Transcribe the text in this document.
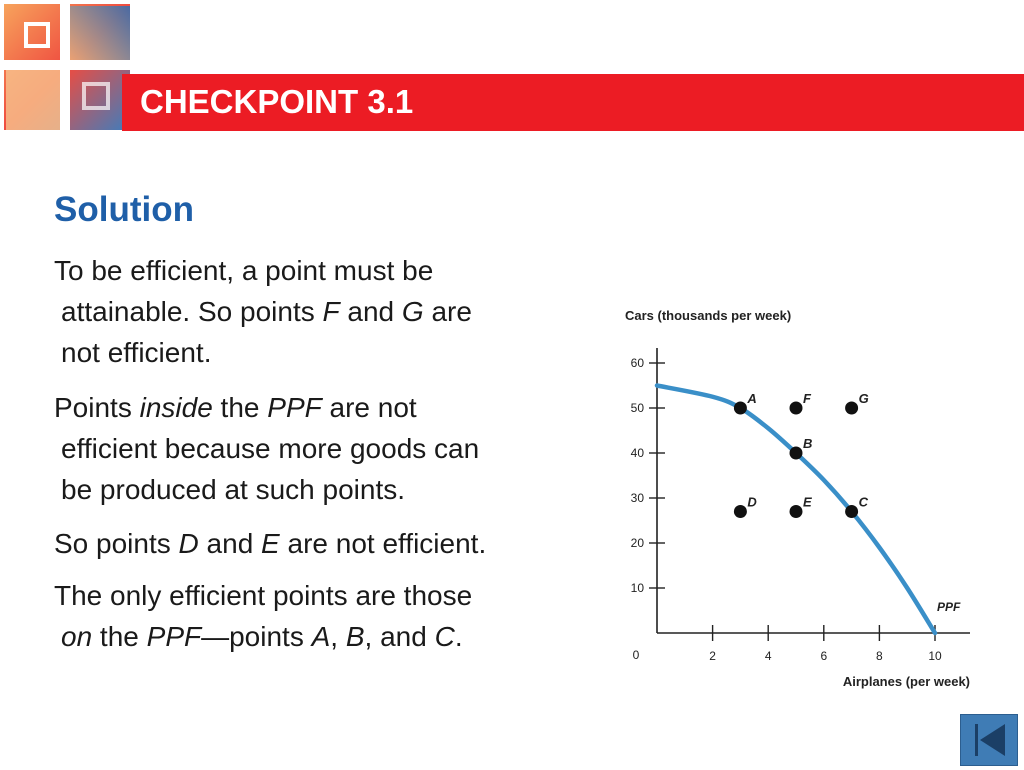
CHECKPOINT 3.1
Solution
To be efficient, a point must be
attainable. So points F and G are
not efficient.
Points inside the PPF are not
efficient because more goods can
be produced at such points.
So points D and E are not efficient.
The only efficient points are those
on the PPF—points A, B, and C.
10
20
30
40
50
60
2	4	6	8	10
0
Cars (thousands per week)
Airplanes (per week)
PPF
A	F	G
B
D	E	C
